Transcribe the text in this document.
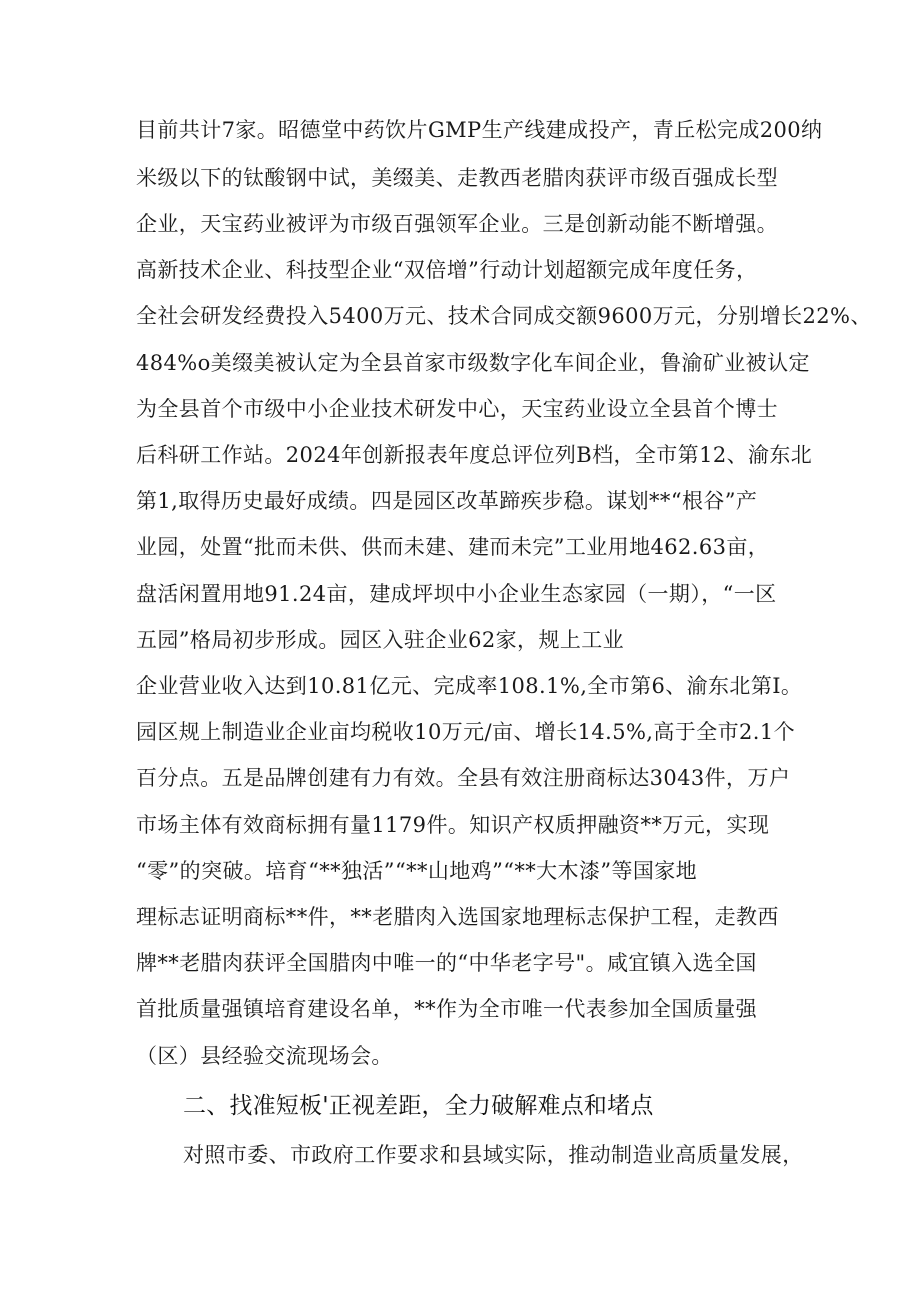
目前共计7家。昭德堂中药饮片GMP生产线建成投产，青丘松完成200纳
米级以下的钛酸钢中试，美缀美、走教西老腊肉获评市级百强成长型
企业，天宝药业被评为市级百强领军企业。三是创新动能不断增强。
高新技术企业、科技型企业“双倍增”行动计划超额完成年度任务，
全社会研发经费投入5400万元、技术合同成交额9600万元，分别增长22%、
484%o美缀美被认定为全县首家市级数字化车间企业，鲁渝矿业被认定
为全县首个市级中小企业技术研发中心，天宝药业设立全县首个博士
后科研工作站。2024年创新报表年度总评位列B档，全市第12、渝东北
第1,取得历史最好成绩。四是园区改革蹄疾步稳。谋划**“根谷”产
业园，处置“批而未供、供而未建、建而未完”工业用地462.63亩，
盘活闲置用地91.24亩，建成坪坝中小企业生态家园（一期），“一区
五园”格局初步形成。园区入驻企业62家，规上工业
企业营业收入达到10.81亿元、完成率108.1%,全市第6、渝东北第I。
园区规上制造业企业亩均税收10万元/亩、增长14.5%,高于全市2.1个
百分点。五是品牌创建有力有效。全县有效注册商标达3043件，万户
市场主体有效商标拥有量1179件。知识产权质押融资**万元，实现
“零”的突破。培育“**独活”“**山地鸡”“**大木漆”等国家地
理标志证明商标**件，**老腊肉入选国家地理标志保护工程，走教西
牌**老腊肉获评全国腊肉中唯一的“中华老字号"。咸宜镇入选全国
首批质量强镇培育建设名单，**作为全市唯一代表参加全国质量强
（区）县经验交流现场会。
二、找准短板'正视差距，全力破解难点和堵点
对照市委、市政府工作要求和县域实际，推动制造业高质量发展，
